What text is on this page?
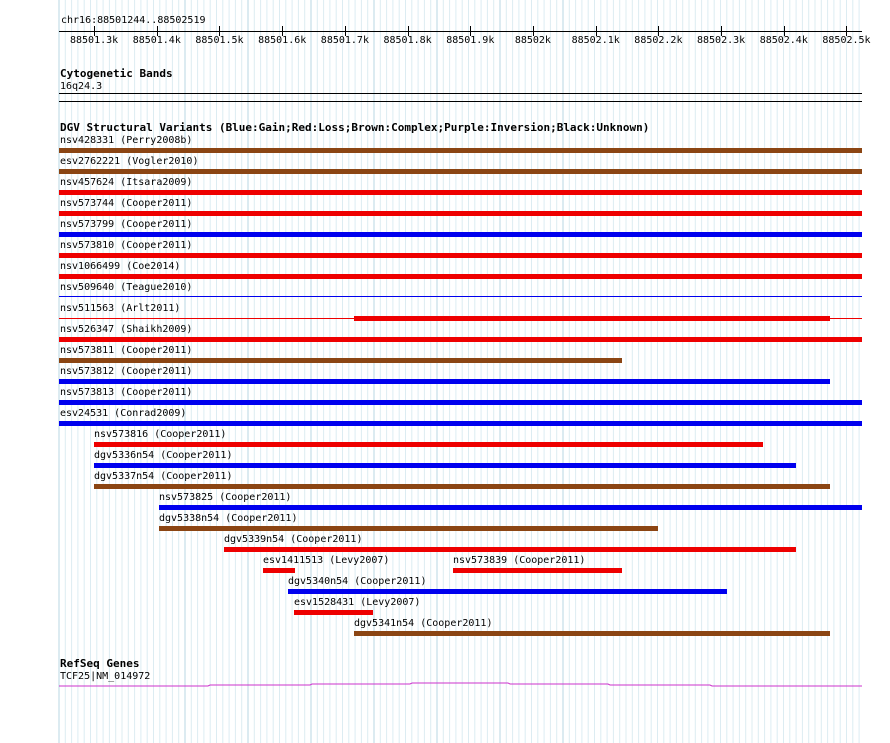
chr16:88501244..88502519
88501.3k 88501.4k 88501.5k 88501.6k 88501.7k 88501.8k 88501.9k	88502k	88502.1k 88502.2k 88502.3k 88502.4k 88502.5k
Cytogenetic Bands
16q24.3
DGV Structural Variants (Blue:Gain;Red:Loss;Brown:Complex;Purple:Inversion;Black:Unknown)
nsv428331 (Perry2008b)
esv2762221 (Vogler2010)
nsv457624 (Itsara2009)
nsv573744 (Cooper2011)
nsv573799 (Cooper2011)
nsv573810 (Cooper2011)
nsv1066499 (Coe2014)
nsv509640 (Teague2010)
nsv511563 (Arlt2011)
nsv526347 (Shaikh2009)
nsv573811 (Cooper2011)
nsv573812 (Cooper2011)
nsv573813 (Cooper2011)
esv24531 (Conrad2009)
nsv573816 (Cooper2011)
dgv5336n54 (Cooper2011)
dgv5337n54 (Cooper2011)
nsv573825 (Cooper2011)
dgv5338n54 (Cooper2011)
dgv5339n54 (Cooper2011)
esv1411513 (Levy2007)	nsv573839 (Cooper2011)
dgv5340n54 (Cooper2011)
esv1528431 (Levy2007)
dgv5341n54 (Cooper2011)
RefSeq Genes
TCF25|NM_014972
